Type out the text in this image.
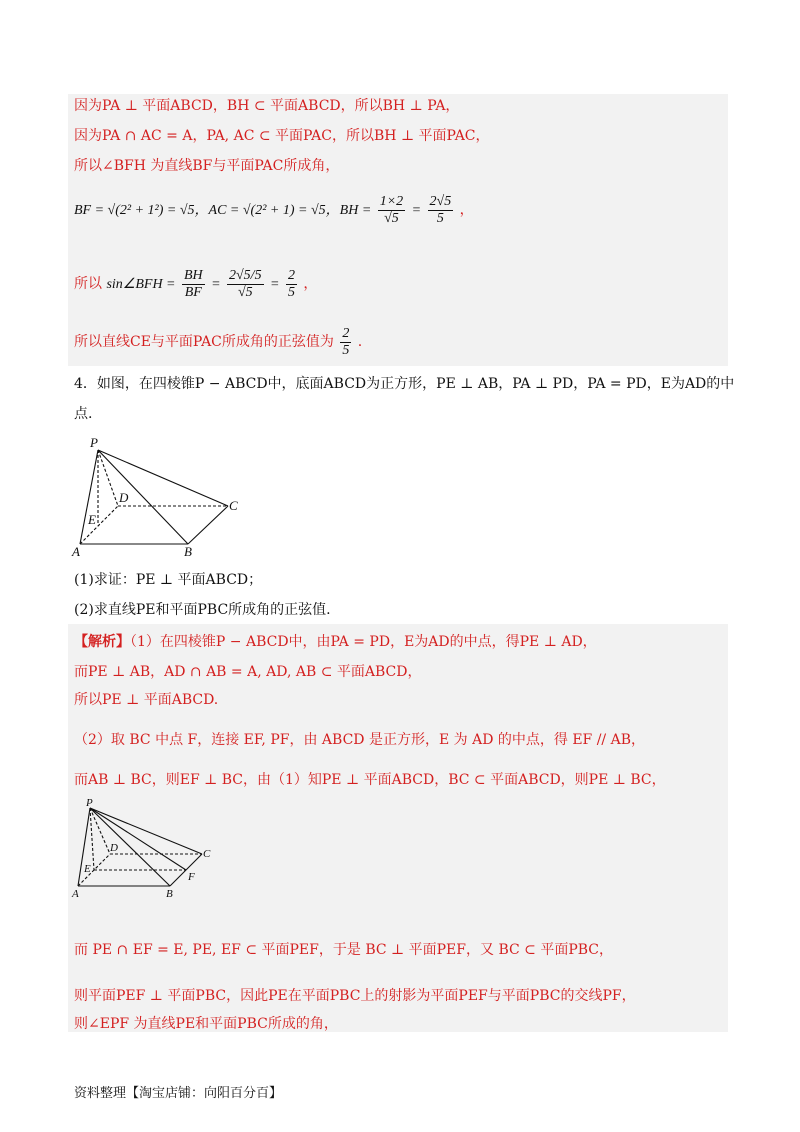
因为PA ⊥ 平面ABCD，BH ⊂ 平面ABCD，所以BH ⊥ PA，
因为PA ∩ AC = A，PA, AC ⊂ 平面PAC，所以BH ⊥ 平面PAC，
所以∠BFH 为直线BF与平面PAC所成角，
BF = √(2² + 1²) = √5，AC = √(2² + 1) = √5，BH = $\frac{1\times 2}{√5} = \frac{2√5}{5}$ ，
所以 sin∠BFH = $\frac{BH}{BF} = \frac{2√5/5}{√5} = \frac{2}{5}$ ，
所以直线CE与平面PAC所成角的正弦值为 $\frac{2}{5}$ .
4．如图，在四棱锥P − ABCD中，底面ABCD为正方形，PE ⊥ AB，PA ⊥ PD，PA = PD，E为AD的中
点.
P
D
C
E
A	B
(1)求证：PE ⊥ 平面ABCD；
(2)求直线PE和平面PBC所成角的正弦值.
【解析】（1）在四棱锥P − ABCD中，由PA = PD，E为AD的中点，得PE ⊥ AD，
而PE ⊥ AB，AD ∩ AB = A, AD, AB ⊂ 平面ABCD，
所以PE ⊥ 平面ABCD.
（2）取 BC 中点 F，连接 EF, PF，由 ABCD 是正方形，E 为 AD 的中点，得 EF // AB，
而AB ⊥ BC，则EF ⊥ BC，由（1）知PE ⊥ 平面ABCD，BC ⊂ 平面ABCD，则PE ⊥ BC，
P
D	C
E
F
A	B
而 PE ∩ EF = E, PE, EF ⊂ 平面PEF，于是 BC ⊥ 平面PEF，又 BC ⊂ 平面PBC，
则平面PEF ⊥ 平面PBC，因此PE在平面PBC上的射影为平面PEF与平面PBC的交线PF，
则∠EPF 为直线PE和平面PBC所成的角，
资料整理【淘宝店铺：向阳百分百】
